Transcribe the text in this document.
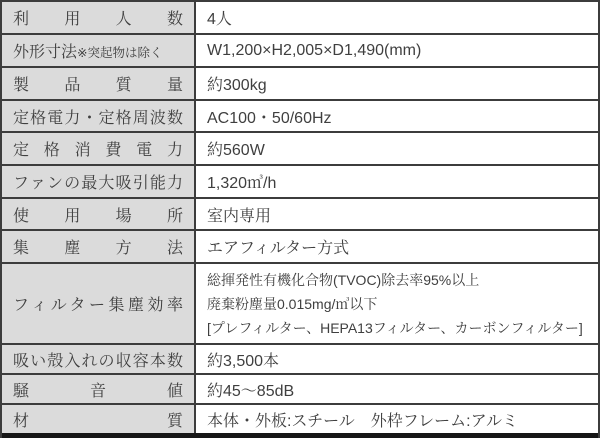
利用人数 4人
外形寸法※突起物は除く	W1,200×H2,005×D1,490(mm)
製品質量 約300kg
定格電力・定格周波数 AC100・50/60Hz
定格消費電力 約560W
ファンの最大吸引能力 1,320㎥/h
使用場所 室内専用
集塵方法 エアフィルター方式
フィルター集塵効率
総揮発性有機化合物(TVOC)除去率95%以上
廃棄粉塵量0.015mg/㎥以下
[プレフィルター、HEPA13フィルター、カーボンフィルター]
吸い殻入れの収容本数 約3,500本
騒音値 約45〜85dB
材質 本体・外板:スチール　外枠フレーム:アルミ
